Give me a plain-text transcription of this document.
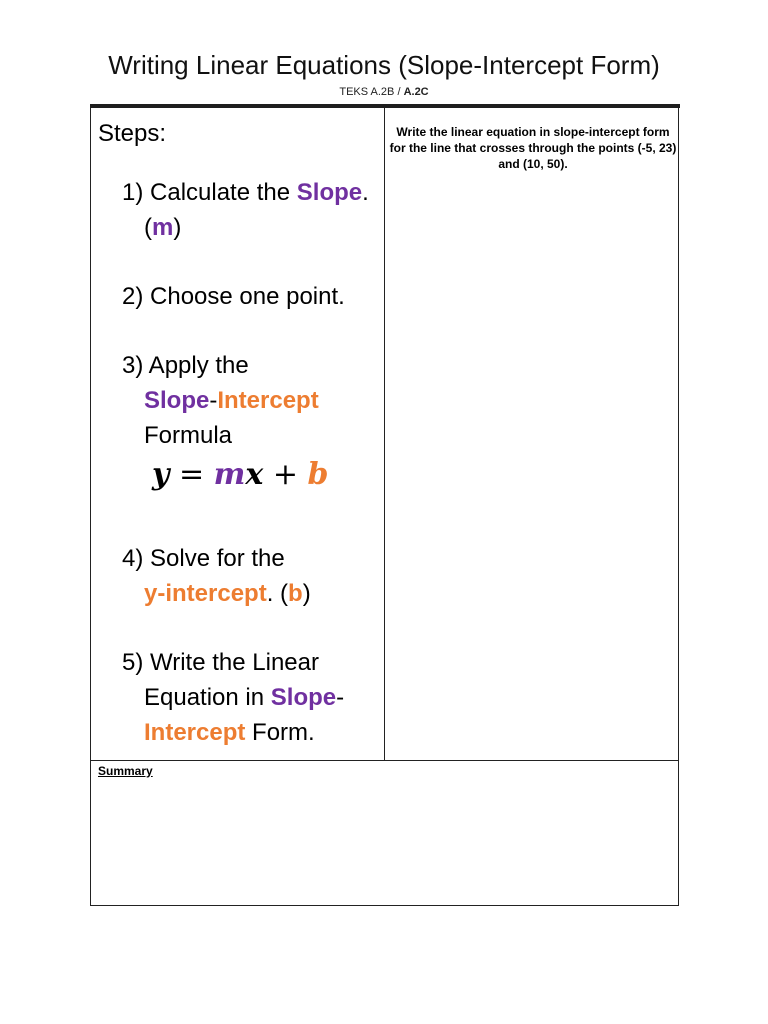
Writing Linear Equations (Slope-Intercept Form)
TEKS A.2B / A.2C
Steps:
1) Calculate the Slope.
(m)
2) Choose one point.
3) Apply the
Slope-Intercept
Formula
y = mx + b
4) Solve for the
y-intercept. (b)
5) Write the Linear
Equation in Slope-
Intercept Form.
Write the linear equation in slope-intercept form for the line that crosses through the points (-5, 23) and (10, 50).
Summary
